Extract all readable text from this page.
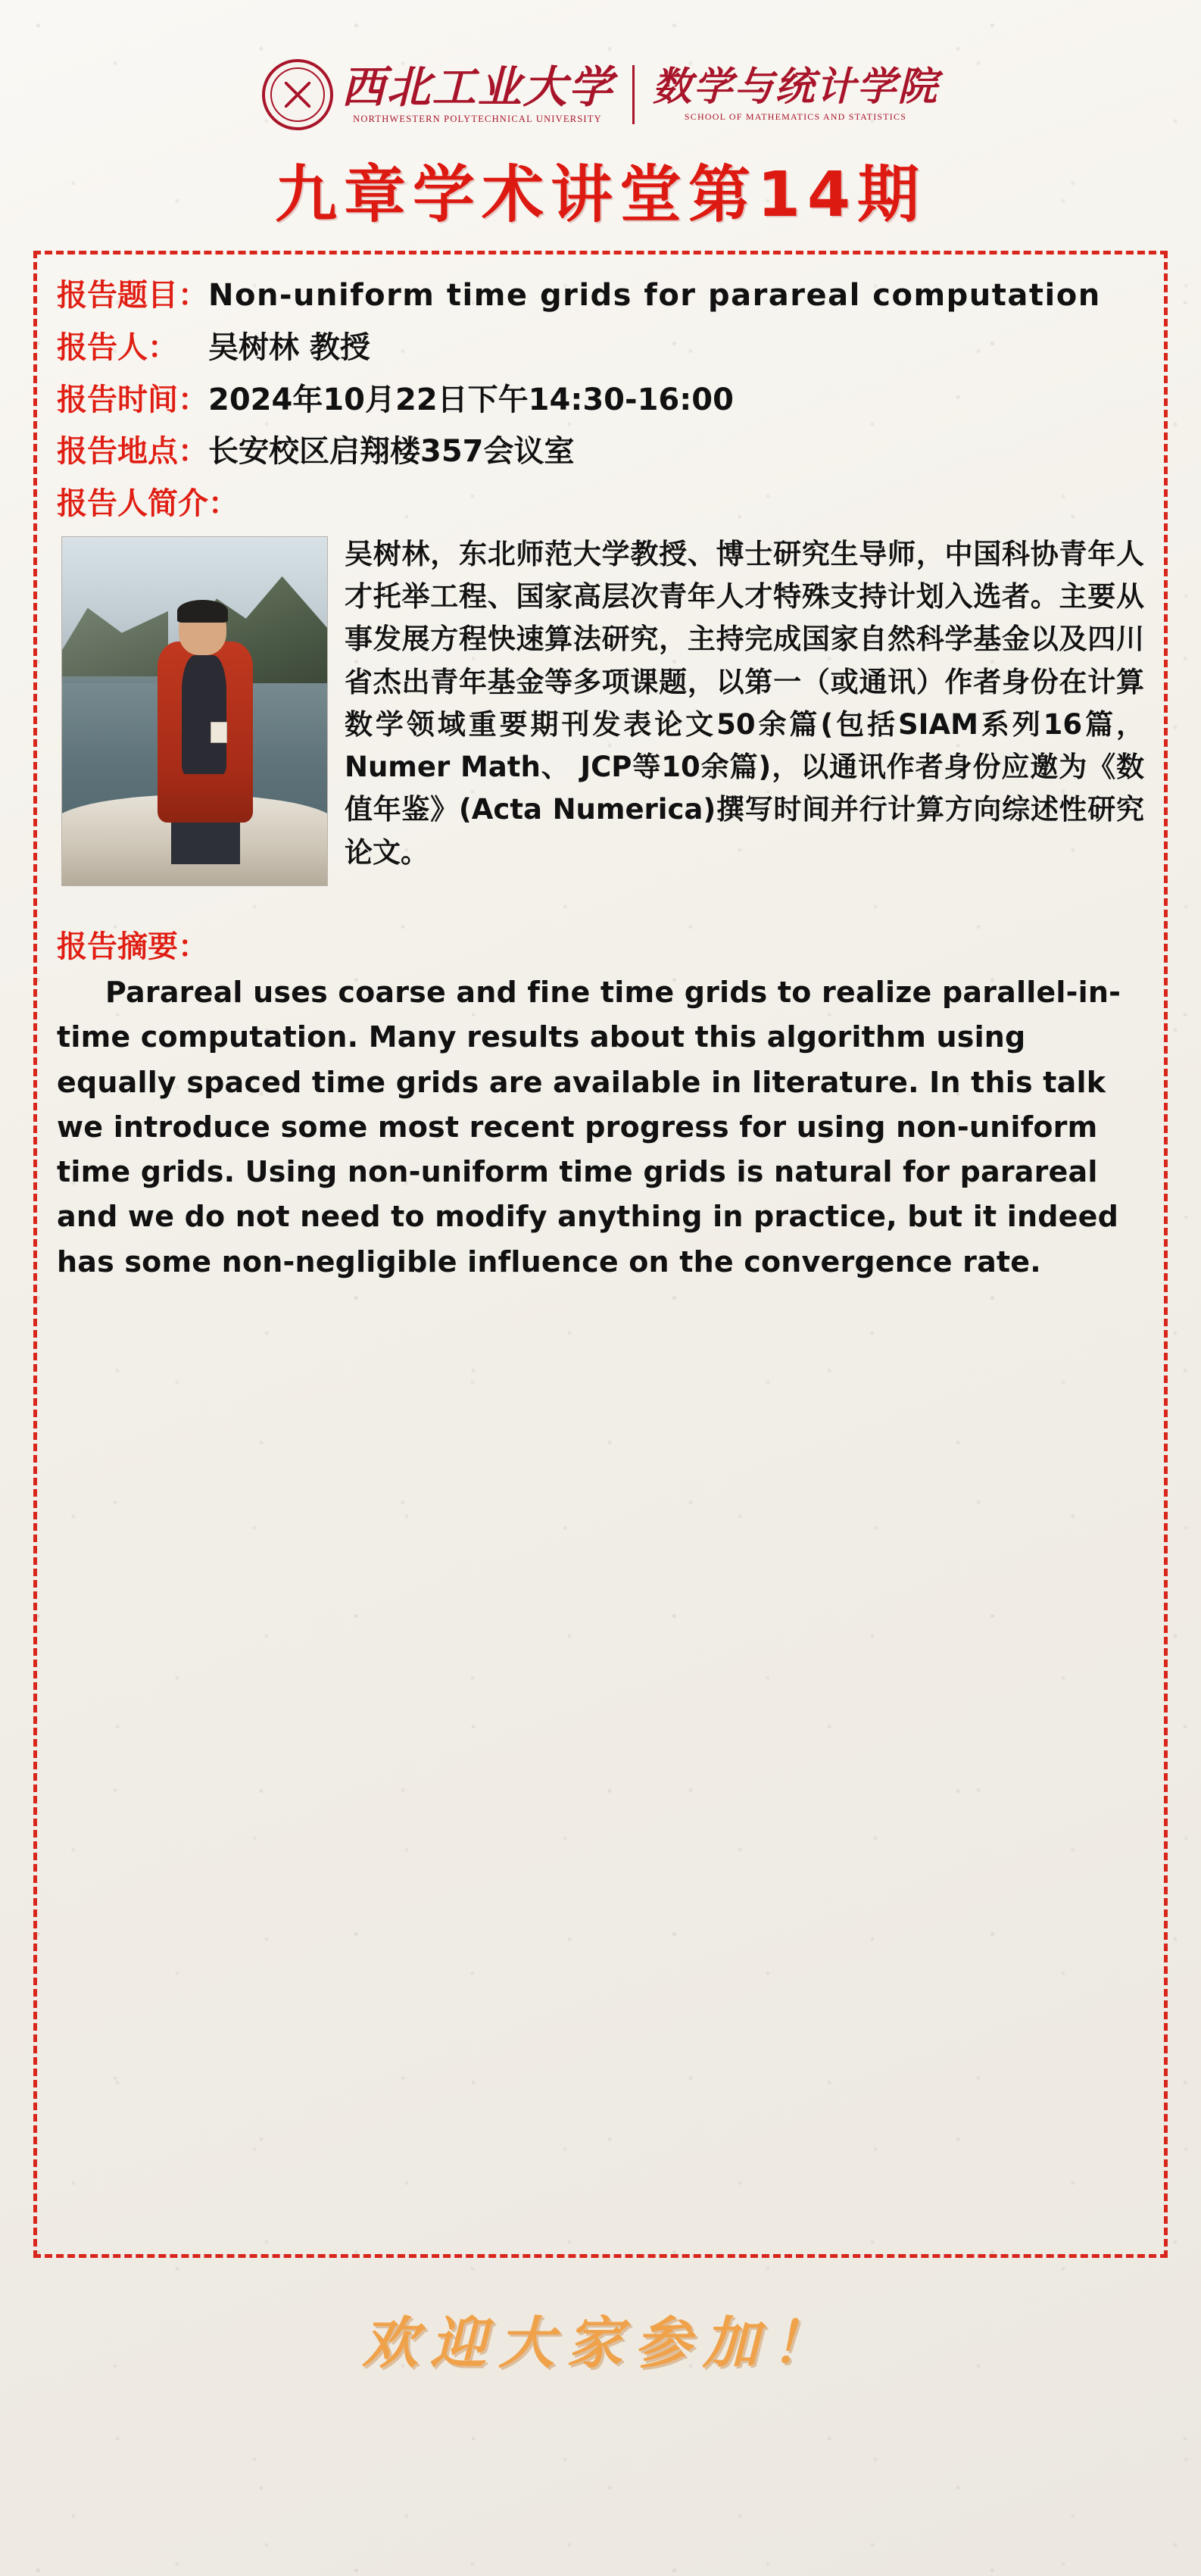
西北工业大学
NORTHWESTERN POLYTECHNICAL UNIVERSITY
数学与统计学院
SCHOOL OF MATHEMATICS AND STATISTICS
九章学术讲堂第14期
报告题目： Non-uniform time grids for parareal computation
报告人：	吴树林 教授
报告时间： 2024年10月22日下午14:30-16:00
报告地点： 长安校区启翔楼357会议室
报告人简介：
吴树林，东北师范大学教授、博士研究生导师，中国科协青年人才托举工程、国家高层次青年人才特殊支持计划入选者。主要从事发展方程快速算法研究，主持完成国家自然科学基金以及四川省杰出青年基金等多项课题，以第一（或通讯）作者身份在计算数学领域重要期刊发表论文50余篇(包括SIAM系列16篇，Numer Math、 JCP等10余篇)，以通讯作者身份应邀为《数值年鉴》(Acta Numerica)撰写时间并行计算方向综述性研究论文。
报告摘要：
Parareal uses coarse and fine time grids to realize parallel-in-time computation. Many results about this algorithm using equally spaced time grids are available in literature. In this talk we introduce some most recent progress for using non-uniform time grids. Using non-uniform time grids is natural for parareal and we do not need to modify anything in practice, but it indeed has some non-negligible influence on the convergence rate.
欢迎大家参加！
